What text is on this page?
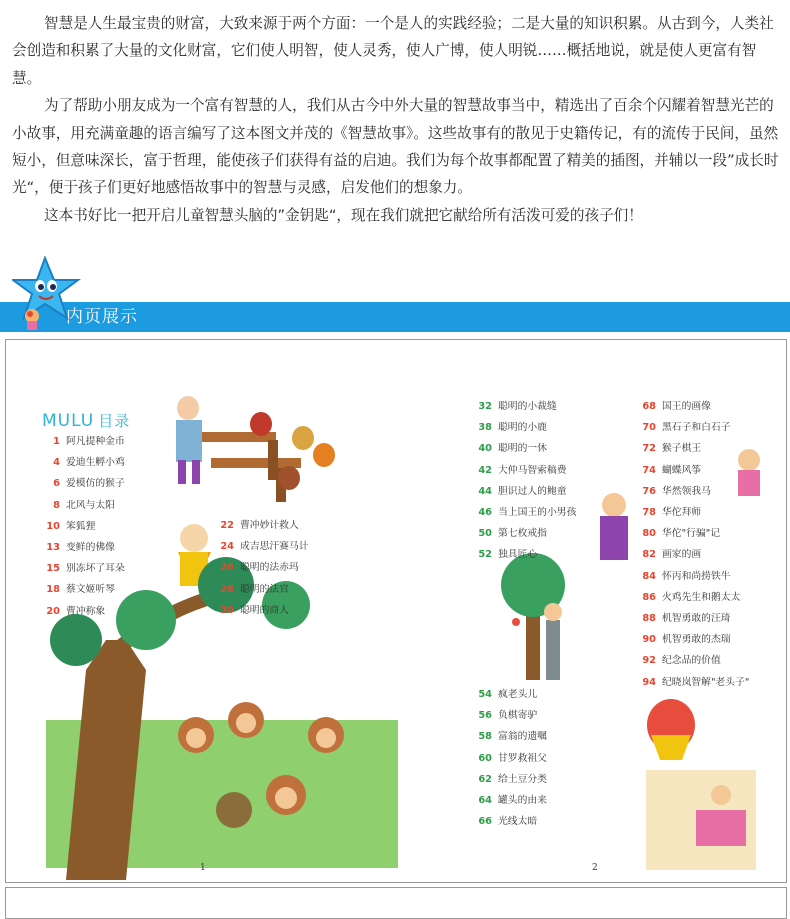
智慧是人生最宝贵的财富，大致来源于两个方面：一个是人的实践经验；二是大量的知识积累。从古到今，人类社会创造和积累了大量的文化财富，它们使人明智，使人灵秀，使人广博，使人明锐……概括地说，就是使人更富有智慧。

为了帮助小朋友成为一个富有智慧的人，我们从古今中外大量的智慧故事当中，精选出了百余个闪耀着智慧光芒的小故事，用充满童趣的语言编写了这本图文并茂的《智慧故事》。这些故事有的散见于史籍传记，有的流传于民间，虽然短小，但意味深长，富于哲理，能使孩子们获得有益的启迪。我们为每个故事都配置了精美的插图，并辅以一段”成长时光“，便于孩子们更好地感悟故事中的智慧与灵感，启发他们的想象力。

这本书好比一把开启儿童智慧头脑的”金钥匙“，现在我们就把它献给所有活泼可爱的孩子们！

内页展示
MULU 目录
1 阿凡提种金币
4 爱迪生孵小鸡
6 爱模仿的猴子
8 北风与太阳
10 笨狐狸
13 变鲜的佛像
15 别冻坏了耳朵
18 蔡文姬听琴
20 曹冲称象
22 曹冲妙计救人
24 成吉思汗赛马计
26 聪明的法赤玛
28 聪明的法官
30 聪明的商人
32 聪明的小裁缝
38 聪明的小鹿
40 聪明的一休
42 大仲马智索稿费
44 胆识过人的鲍童
46 当上国王的小男孩
50 第七枚戒指
52 独具匠心
68 国王的画像
70 黑石子和白石子
72 猴子棋王
74 蝴蝶风筝
76 华然领我马
78 华佗拜师
80 华佗"行骗"记
82 画家的画
84 怀丙和尚捞铁牛
86 火鸡先生和鹅太太
88 机智勇敢的汪琦
90 机智勇敢的杰瑞
92 纪念品的价值
94 纪晓岚智解"老头子"
54 疯老头儿
56 负棋寄驴
58 富翁的遗嘱
60 甘罗救祖父
62 给土豆分类
64 罐头的由来
66 光线太暗
1	2
